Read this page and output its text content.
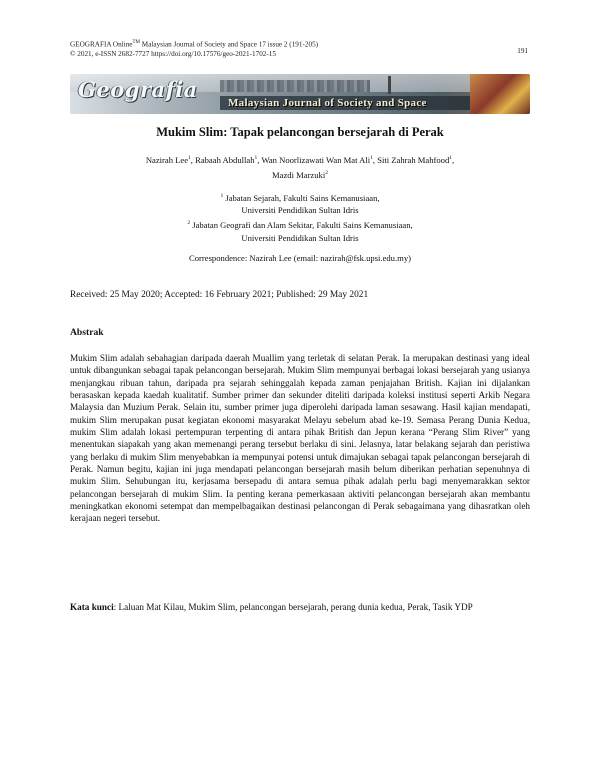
GEOGRAFIA Online™ Malaysian Journal of Society and Space 17 issue 2 (191-205)
© 2021, e-ISSN 2682-7727 https://doi.org/10.17576/geo-2021-1702-15	191
Geografia
Malaysian Journal of Society and Space
Mukim Slim: Tapak pelancongan bersejarah di Perak
Nazirah Lee$^1$, Rabaah Abdullah$^1$, Wan Noorlizawati Wan Mat Ali$^1$, Siti Zahrah Mahfood$^1$,
Mazdi Marzuki$^2$
$^1$ Jabatan Sejarah, Fakulti Sains Kemanusiaan,
Universiti Pendidikan Sultan Idris
$^2$ Jabatan Geografi dan Alam Sekitar, Fakulti Sains Kemanusiaan,
Universiti Pendidikan Sultan Idris
Correspondence: Nazirah Lee (email: nazirah@fsk.upsi.edu.my)
Received: 25 May 2020; Accepted: 16 February 2021; Published: 29 May 2021
Abstrak

Mukim Slim adalah sebahagian daripada daerah Muallim yang terletak di selatan Perak. Ia merupakan destinasi yang ideal untuk dibangunkan sebagai tapak pelancongan bersejarah. Mukim Slim mempunyai berbagai lokasi bersejarah yang usianya menjangkau ribuan tahun, daripada pra sejarah sehinggalah kepada zaman penjajahan British. Kajian ini dijalankan berasaskan kepada kaedah kualitatif. Sumber primer dan sekunder diteliti daripada koleksi institusi seperti Arkib Negara Malaysia dan Muzium Perak. Selain itu, sumber primer juga diperolehi daripada laman sesawang. Hasil kajian mendapati, mukim Slim merupakan pusat kegiatan ekonomi masyarakat Melayu sebelum abad ke-19. Semasa Perang Dunia Kedua, mukim Slim adalah lokasi pertempuran terpenting di antara pihak British dan Jepun kerana “Perang Slim River” yang menentukan siapakah yang akan memenangi perang tersebut berlaku di sini. Jelasnya, latar belakang sejarah dan peristiwa yang berlaku di mukim Slim menyebabkan ia mempunyai potensi untuk dimajukan sebagai tapak pelancongan bersejarah di Perak. Namun begitu, kajian ini juga mendapati pelancongan bersejarah masih belum diberikan perhatian sepenuhnya di mukim Slim. Sehubungan itu, kerjasama bersepadu di antara semua pihak adalah perlu bagi menyemarakkan sektor pelancongan bersejarah di mukim Slim. Ia penting kerana pemerkasaan aktiviti pelancongan bersejarah akan membantu meningkatkan ekonomi setempat dan mempelbagaikan destinasi pelancongan di Perak sebagaimana yang dihasratkan oleh kerajaan negeri tersebut.

Kata kunci: Laluan Mat Kilau, Mukim Slim, pelancongan bersejarah, perang dunia kedua, Perak, Tasik YDP
